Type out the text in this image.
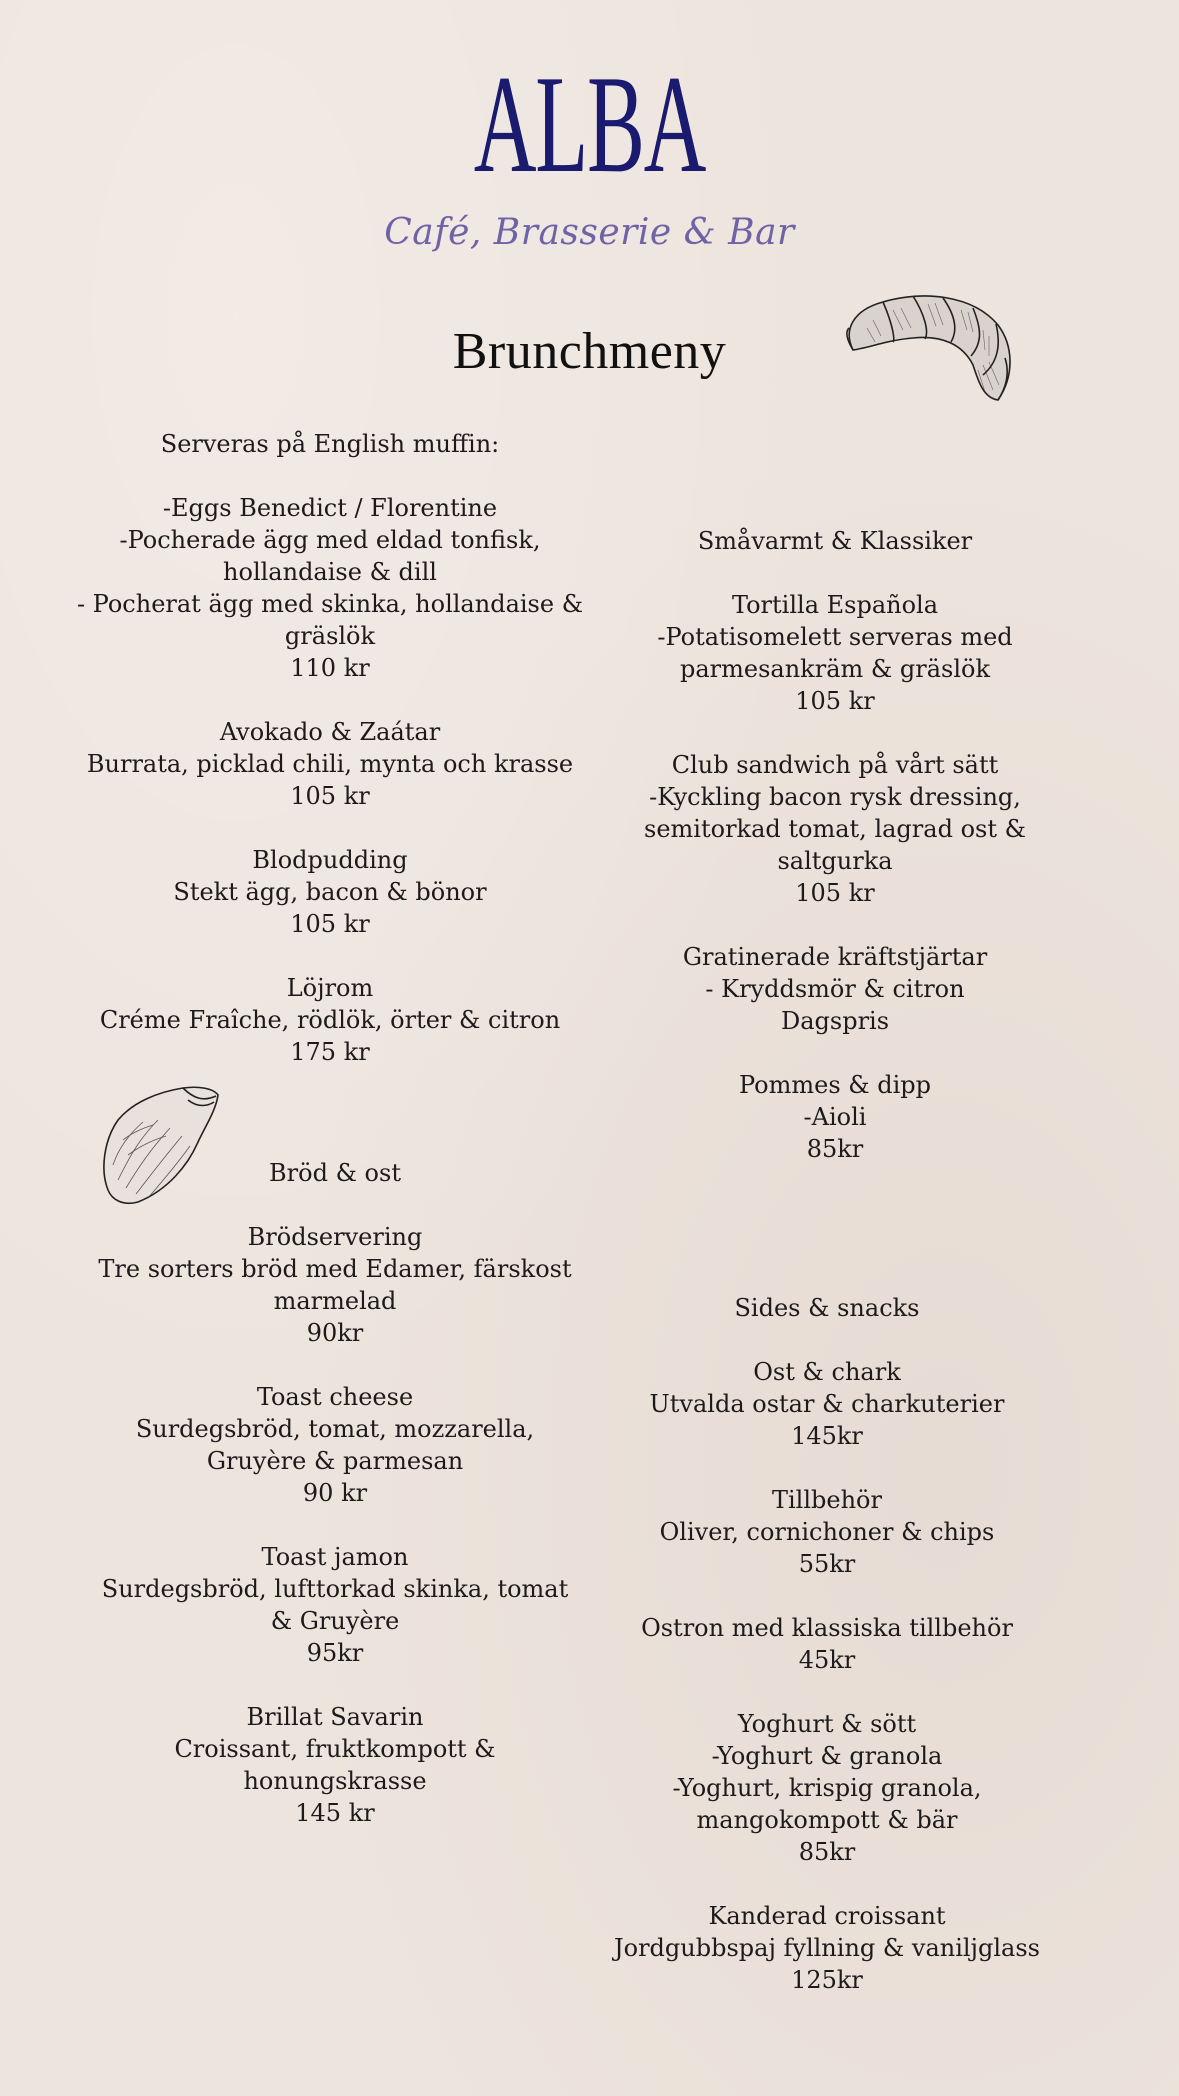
ALBA
Café, Brasserie & Bar
Brunchmeny
Serveras på English muffin:
-Eggs Benedict / Florentine
-Pocherade ägg med eldad tonfisk,
hollandaise & dill
- Pocherat ägg med skinka, hollandaise &
gräslök
110 kr
Avokado & Zaátar
Burrata, picklad chili, mynta och krasse
105 kr
Blodpudding
Stekt ägg, bacon & bönor
105 kr
Löjrom
Créme Fraîche, rödlök, örter & citron
175 kr
Bröd & ost
Brödservering
Tre sorters bröd med Edamer, färskost
marmelad
90kr
Toast cheese
Surdegsbröd, tomat, mozzarella,
Gruyère & parmesan
90 kr
Toast jamon
Surdegsbröd, lufttorkad skinka, tomat
& Gruyère
95kr
Brillat Savarin
Croissant, fruktkompott &
honungskrasse
145 kr
Småvarmt & Klassiker
Tortilla Española
-Potatisomelett serveras med
parmesankräm & gräslök
105 kr
Club sandwich på vårt sätt
-Kyckling bacon rysk dressing,
semitorkad tomat, lagrad ost &
saltgurka
105 kr
Gratinerade kräftstjärtar
- Kryddsmör & citron
Dagspris
Pommes & dipp
-Aioli
85kr
Sides & snacks
Ost & chark
Utvalda ostar & charkuterier
145kr
Tillbehör
Oliver, cornichoner & chips
55kr
Ostron med klassiska tillbehör
45kr
Yoghurt & sött
-Yoghurt & granola
-Yoghurt, krispig granola,
mangokompott & bär
85kr
Kanderad croissant
Jordgubbspaj fyllning & vaniljglass
125kr
